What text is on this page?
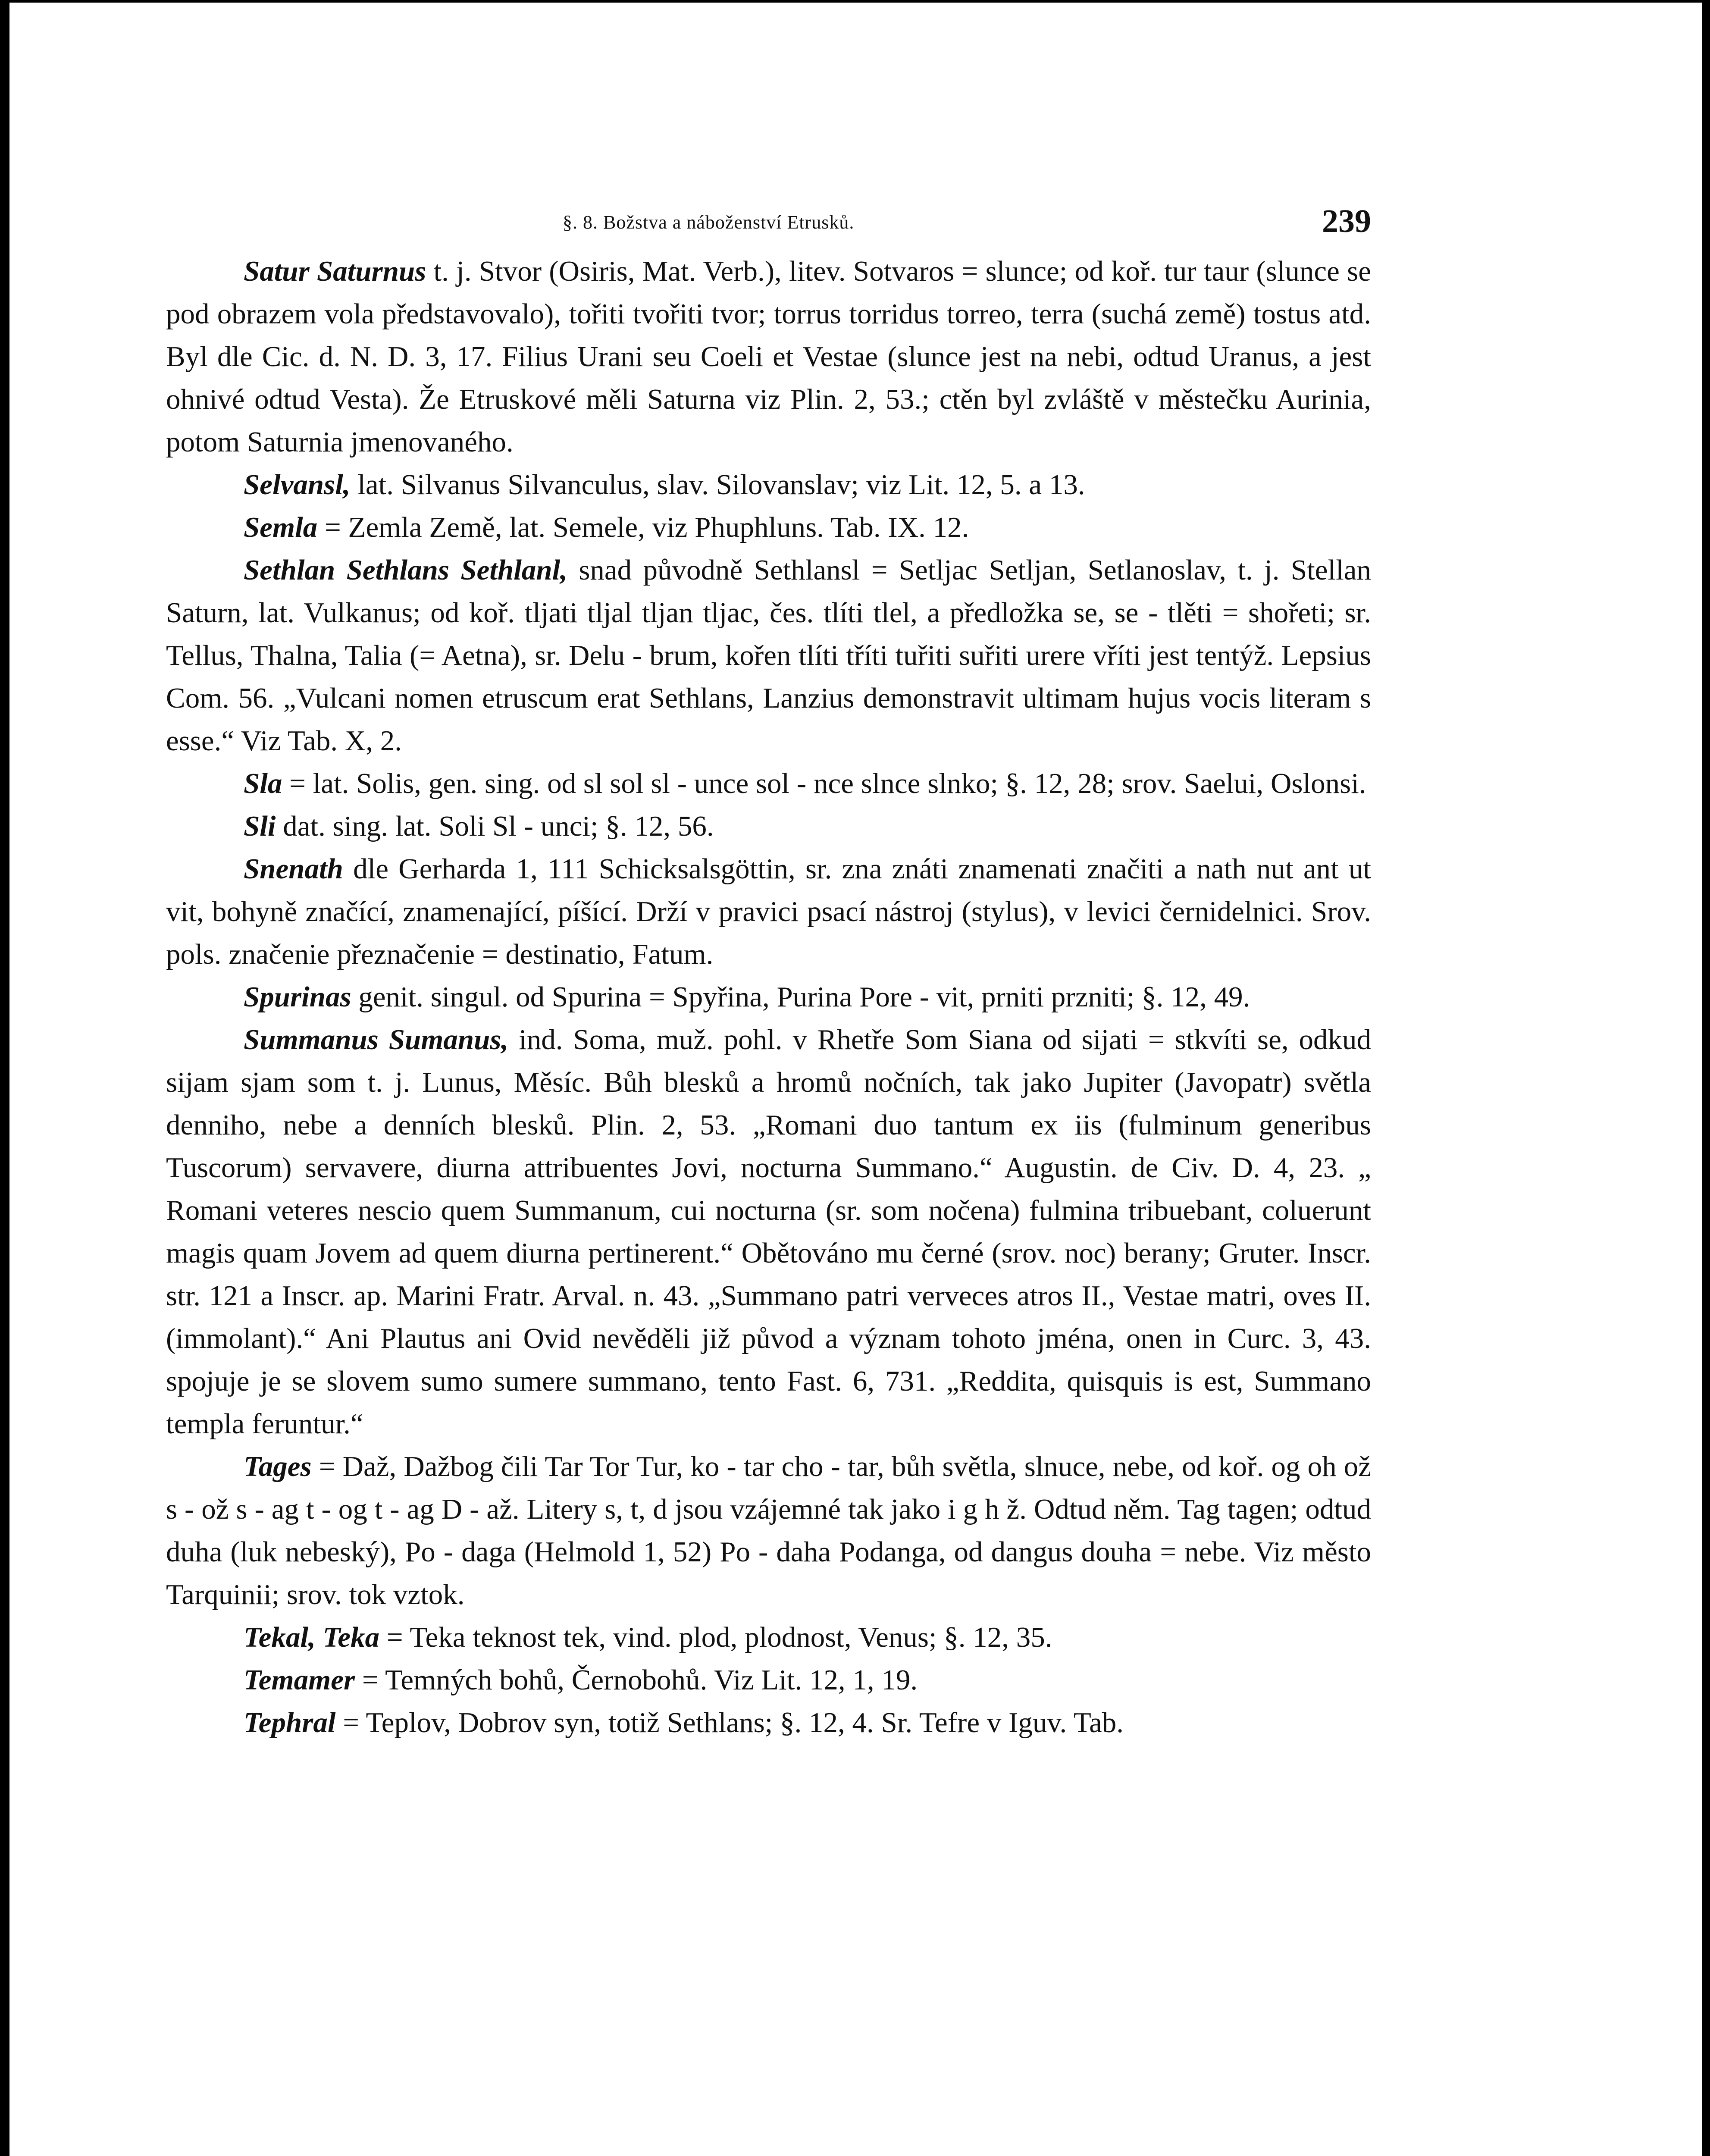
§. 8. Božstva a náboženství Etrusků.	239

Satur Saturnus t. j. Stvor (Osiris, Mat. Verb.), litev. Sotvaros = slunce; od koř. tur taur (slunce se pod obrazem vola představovalo), tořiti tvořiti tvor; torrus torridus torreo, terra (suchá země) tostus atd. Byl dle Cic. d. N. D. 3, 17. Filius Urani seu Coeli et Vestae (slunce jest na nebi, odtud Uranus, a jest ohnivé odtud Vesta). Že Etruskové měli Saturna viz Plin. 2, 53.; ctěn byl zvláště v městečku Aurinia, potom Saturnia jmenovaného.

Selvansl, lat. Silvanus Silvanculus, slav. Silovanslav; viz Lit. 12, 5. a 13.

Semla = Zemla Země, lat. Semele, viz Phuphluns. Tab. IX. 12.

Sethlan Sethlans Sethlanl, snad původně Sethlansl = Setljac Setljan, Setlanoslav, t. j. Stellan Saturn, lat. Vulkanus; od koř. tljati tljal tljan tljac, čes. tlíti tlel, a předložka se, se - tlěti = shořeti; sr. Tellus, Thalna, Talia (= Aetna), sr. Delu - brum, kořen tlíti tříti tuřiti suřiti urere vříti jest tentýž. Lepsius Com. 56. „Vulcani nomen etruscum erat Sethlans, Lanzius demonstravit ultimam hujus vocis literam s esse.“ Viz Tab. X, 2.

Sla = lat. Solis, gen. sing. od sl sol sl - unce sol - nce slnce slnko; §. 12, 28; srov. Saelui, Oslonsi.

Sli dat. sing. lat. Soli Sl - unci; §. 12, 56.

Snenath dle Gerharda 1, 111 Schicksalsgöttin, sr. zna znáti znamenati značiti a nath nut ant ut vit, bohyně značící, znamenající, píšící. Drží v pravici psací nástroj (stylus), v levici černidelnici. Srov. pols. značenie přeznačenie = destinatio, Fatum.

Spurinas genit. singul. od Spurina = Spyřina, Purina Pore - vit, prniti przniti; §. 12, 49.

Summanus Sumanus, ind. Soma, muž. pohl. v Rhetře Som Siana od sijati = stkvíti se, odkud sijam sjam som t. j. Lunus, Měsíc. Bůh blesků a hromů nočních, tak jako Jupiter (Javopatr) světla denniho, nebe a denních blesků. Plin. 2, 53. „Romani duo tantum ex iis (fulminum generibus Tuscorum) servavere, diurna attribuentes Jovi, nocturna Summano.“ Augustin. de Civ. D. 4, 23. „ Romani veteres nescio quem Summanum, cui nocturna (sr. som nočena) fulmina tribuebant, coluerunt magis quam Jovem ad quem diurna pertinerent.“ Obětováno mu černé (srov. noc) berany; Gruter. Inscr. str. 121 a Inscr. ap. Marini Fratr. Arval. n. 43. „Summano patri verveces atros II., Vestae matri, oves II. (immolant).“ Ani Plautus ani Ovid nevěděli již původ a význam tohoto jména, onen in Curc. 3, 43. spojuje je se slovem sumo sumere summano, tento Fast. 6, 731. „Reddita, quisquis is est, Summano templa feruntur.“

Tages = Daž, Dažbog čili Tar Tor Tur, ko - tar cho - tar, bůh světla, slnuce, nebe, od koř. og oh ož s - ož s - ag t - og t - ag D - až. Litery s, t, d jsou vzájemné tak jako i g h ž. Odtud něm. Tag tagen; odtud duha (luk nebeský), Po - daga (Helmold 1, 52) Po - daha Podanga, od dangus douha = nebe. Viz město Tarquinii; srov. tok vztok.

Tekal, Teka = Teka teknost tek, vind. plod, plodnost, Venus; §. 12, 35.

Temamer = Temných bohů, Černobohů. Viz Lit. 12, 1, 19.

Tephral = Teplov, Dobrov syn, totiž Sethlans; §. 12, 4. Sr. Tefre v Iguv. Tab.
